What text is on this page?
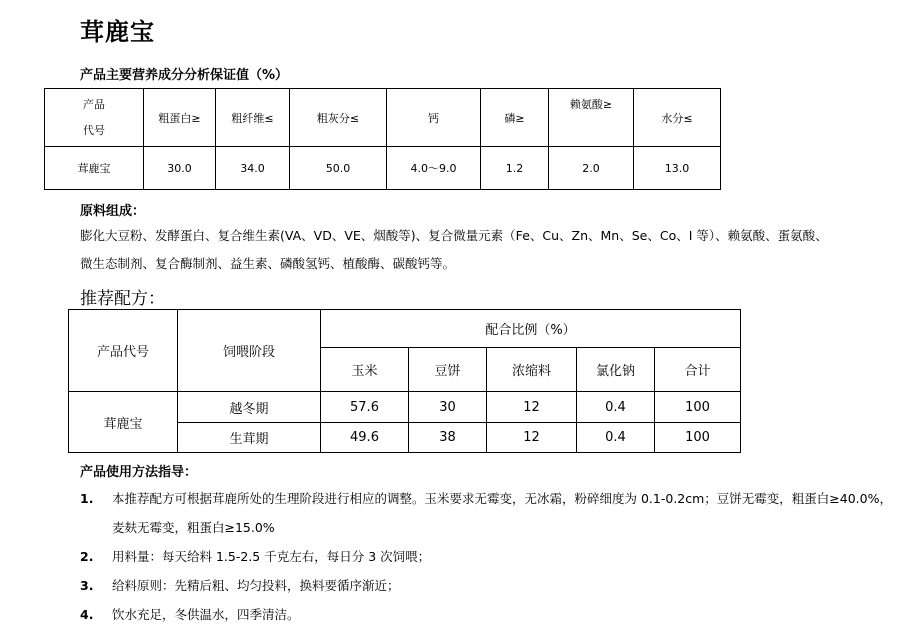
茸鹿宝
产品主要营养成分分析保证值（%）
产品
代号	粗蛋白≥	粗纤维≤	粗灰分≤	钙	磷≥	赖氨酸≥	水分≤
茸鹿宝	30.0	34.0	50.0	4.0～9.0	1.2	2.0	13.0
原料组成：
膨化大豆粉、发酵蛋白、复合维生素(VA、VD、VE、烟酸等)、复合微量元素（Fe、Cu、Zn、Mn、Se、Co、I 等）、赖氨酸、蛋氨酸、
微生态制剂、复合酶制剂、益生素、磷酸氢钙、植酸酶、碳酸钙等。
推荐配方：
产品代号	饲喂阶段	配合比例（%）				
		玉米	豆饼	浓缩料	氯化钠	合计
茸鹿宝	越冬期	57.6	30	12	0.4	100
	生茸期	49.6	38	12	0.4	100
产品使用方法指导：
1. 本推荐配方可根据茸鹿所处的生理阶段进行相应的调整。玉米要求无霉变，无冰霜，粉碎细度为 0.1-0.2cm；豆饼无霉变，粗蛋白≥40.0%，麦麸无霉变，粗蛋白≥15.0%
2. 用料量：每天给料 1.5-2.5 千克左右，每日分 3 次饲喂；
3. 给料原则：先精后粗、均匀投料，换料要循序渐近；
4. 饮水充足，冬供温水，四季清洁。
